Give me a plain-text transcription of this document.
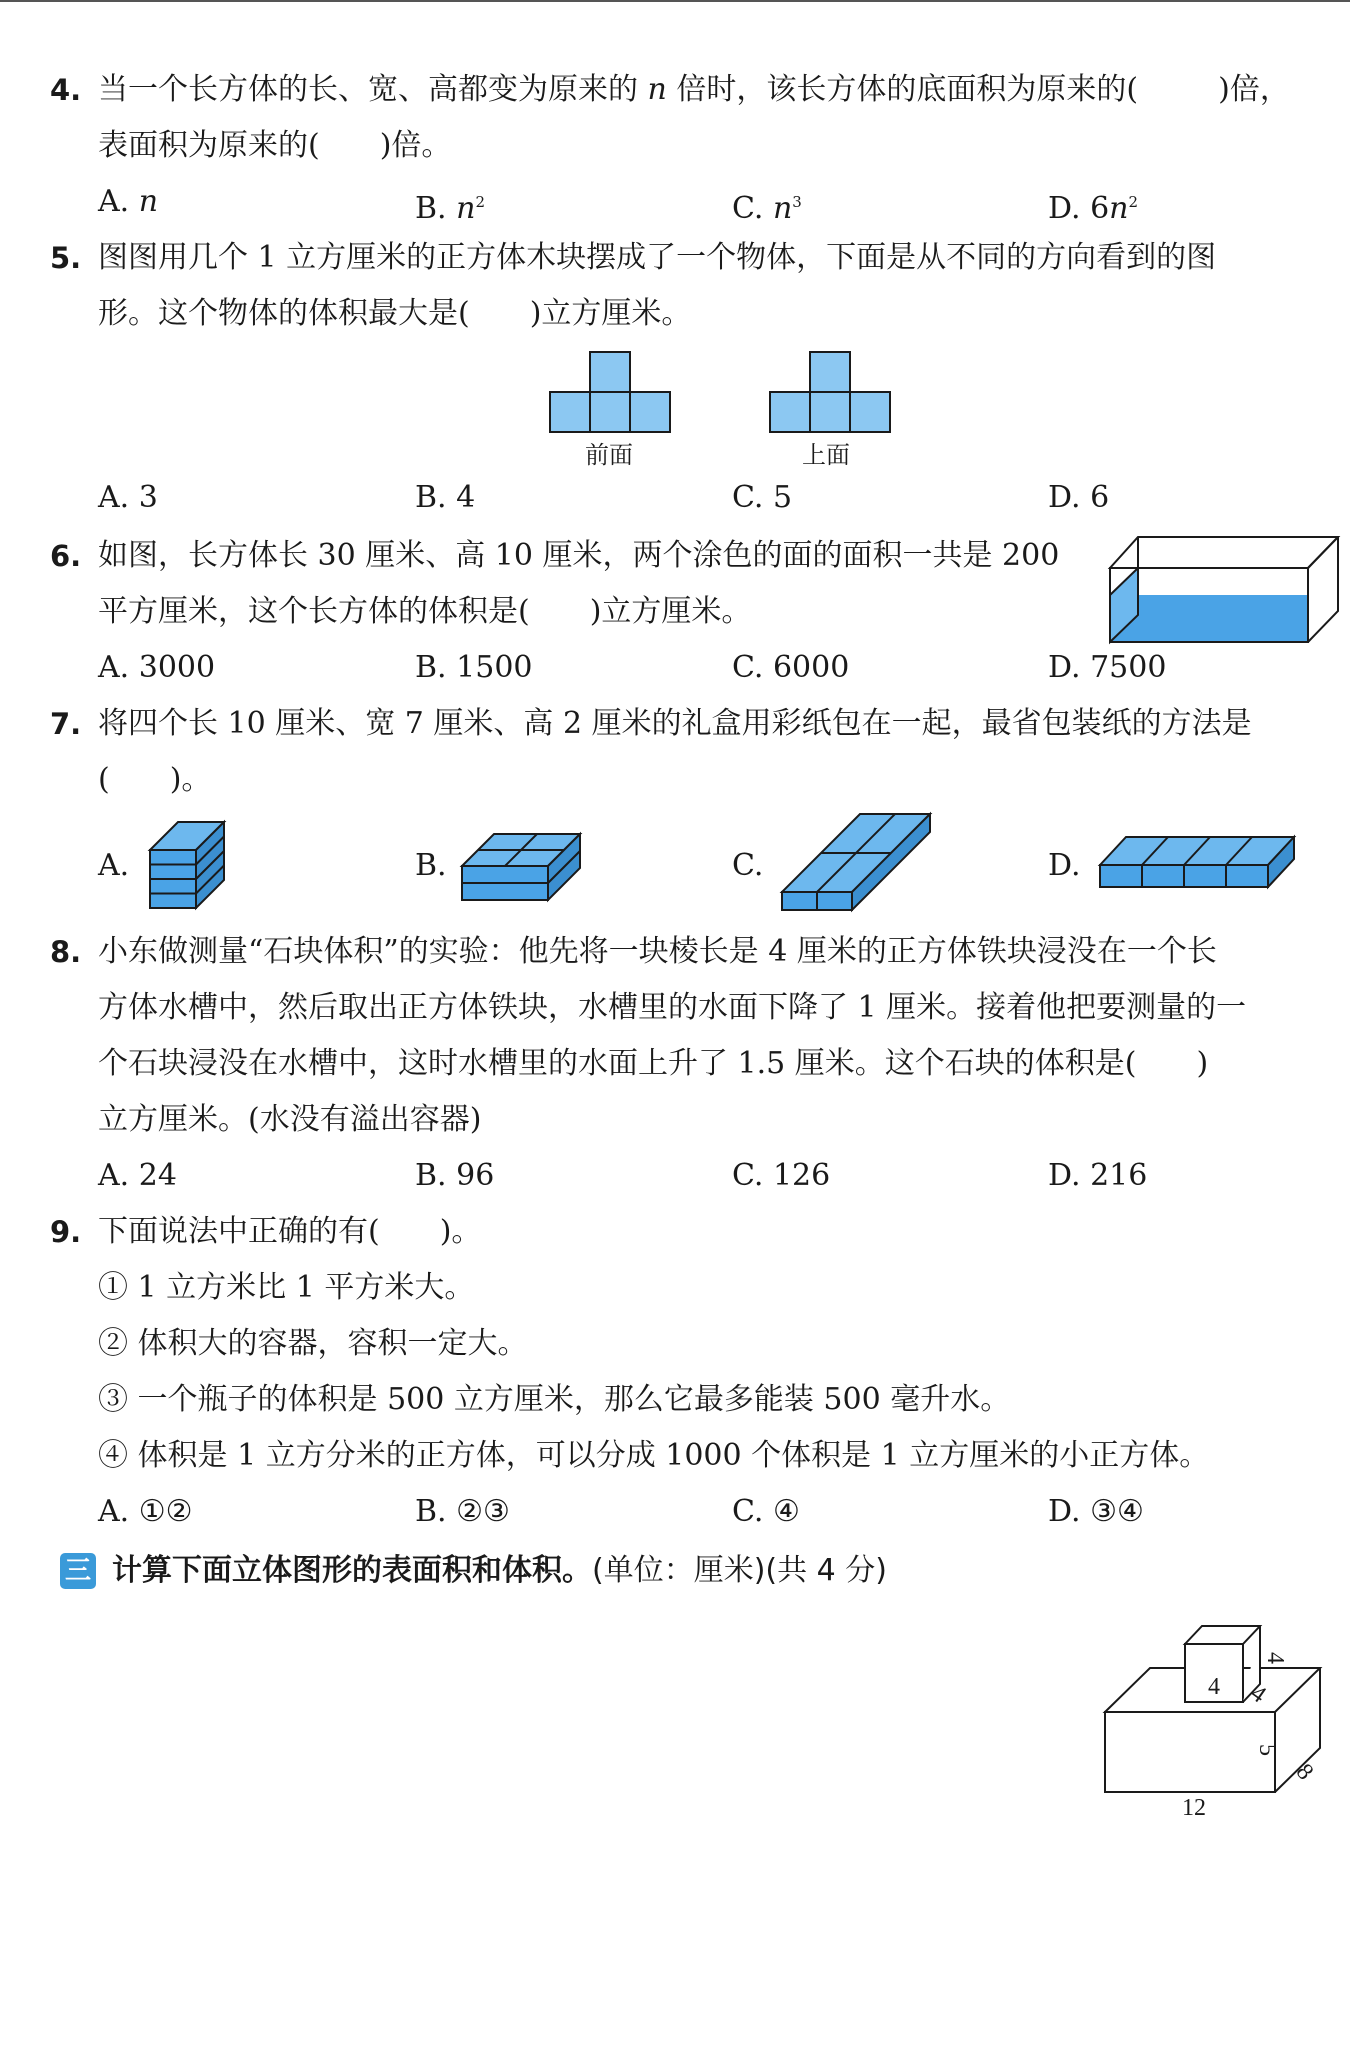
4. 当一个长方体的长、宽、高都变为原来的 n 倍时，该长方体的底面积为原来的(	)倍，
表面积为原来的(　　)倍。
A. n	B. $n^2$	C. $n^3$	D. $6n^2$
5. 图图用几个 1 立方厘米的正方体木块摆成了一个物体，下面是从不同的方向看到的图
形。这个物体的体积最大是(　　)立方厘米。
前面	上面
A. 3	B. 4	C. 5	D. 6
6. 如图，长方体长 30 厘米、高 10 厘米，两个涂色的面的面积一共是 200
平方厘米，这个长方体的体积是(　　)立方厘米。
A. 3000	B. 1500	C. 6000	D. 7500
7. 将四个长 10 厘米、宽 7 厘米、高 2 厘米的礼盒用彩纸包在一起，最省包装纸的方法是
(　　)。
A.	B.	C.	D.
8. 小东做测量“石块体积”的实验：他先将一块棱长是 4 厘米的正方体铁块浸没在一个长
方体水槽中，然后取出正方体铁块，水槽里的水面下降了 1 厘米。接着他把要测量的一
个石块浸没在水槽中，这时水槽里的水面上升了 1.5 厘米。这个石块的体积是(　　)
立方厘米。(水没有溢出容器)
A. 24	B. 96	C. 126	D. 216
9. 下面说法中正确的有(　　)。
① 1 立方米比 1 平方米大。
② 体积大的容器，容积一定大。
③ 一个瓶子的体积是 500 立方厘米，那么它最多能装 500 毫升水。
④ 体积是 1 立方分米的正方体，可以分成 1000 个体积是 1 立方厘米的小正方体。
A. ①②	B. ②③	C. ④	D. ③④
三 计算下面立体图形的表面积和体积。(单位：厘米)(共 4 分)
4
4
4
5
8
12
